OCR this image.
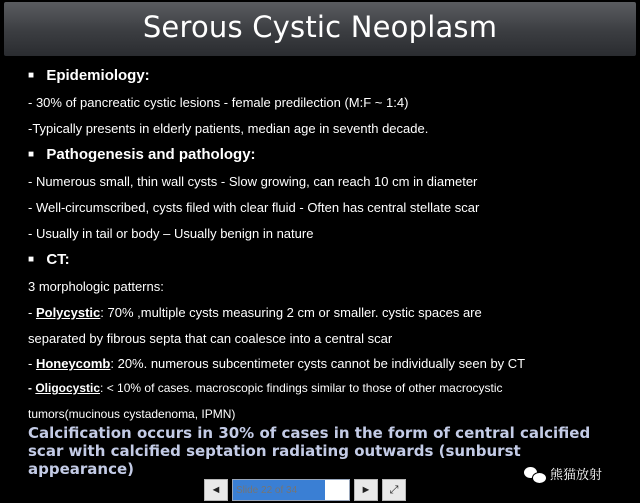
Serous Cystic Neoplasm
■ Epidemiology:
- 30% of pancreatic cystic lesions - female predilection (M:F ~ 1:4)
-Typically presents in elderly patients, median age in seventh decade.
■ Pathogenesis and pathology:
- Numerous small, thin wall cysts - Slow growing, can reach 10 cm in diameter
- Well-circumscribed, cysts filed with clear fluid - Often has central stellate scar
- Usually in tail or body – Usually benign in nature
■ CT:
3 morphologic patterns:
- Polycystic: 70% ,multiple cysts measuring 2 cm or smaller. cystic spaces are
separated by fibrous septa that can coalesce into a central scar
- Honeycomb: 20%. numerous subcentimeter cysts cannot be individually seen by CT
- Oligocystic: < 10% of cases. macroscopic findings similar to those of other macrocystic
tumors(mucinous cystadenoma, IPMN)
Calcification occurs in 30% of cases in the form of central calcified scar with calcified septation radiating outwards (sunburst appearance)
◄
Slide 22 of 34	► ⤢
熊猫放射
